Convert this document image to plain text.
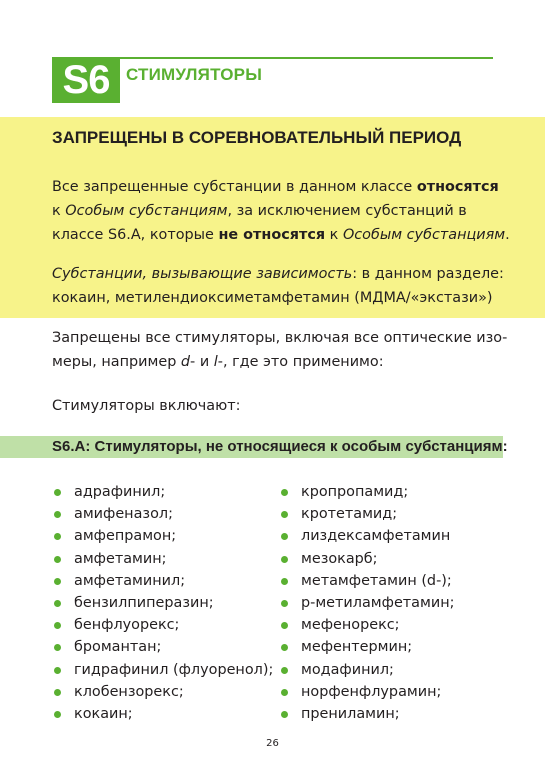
S6 СТИМУЛЯТОРЫ
ЗАПРЕЩЕНЫ В СОРЕВНОВАТЕЛЬНЫЙ ПЕРИОД
Все запрещенные субстанции в данном классе относятся
к Особым субстанциям, за исключением субстанций в классе S6.A, которые не относятся к Особым субстанциям.
Субстанции, вызывающие зависимость: в данном разделе: кокаин, метилендиоксиметамфетамин (МДМА/«экстази»)
Запрещены все стимуляторы, включая все оптические изо-меры, например d- и l-, где это применимо:
Стимуляторы включают:
S6.A: Стимуляторы, не относящиеся к особым субстанциям:
адрафинил;
амифеназол;
амфепрамон;
амфетамин;
амфетаминил;
бензилпиперазин;
бенфлуорекс;
бромантан;
гидрафинил (флуоренол);
клобензорекс;
кокаин;
кропропамид;
кротетамид;
лиздексамфетамин
мезокарб;
метамфетамин (d-);
p-метиламфетамин;
мефенорекс;
мефентермин;
модафинил;
норфенфлурамин;
прениламин;
26
